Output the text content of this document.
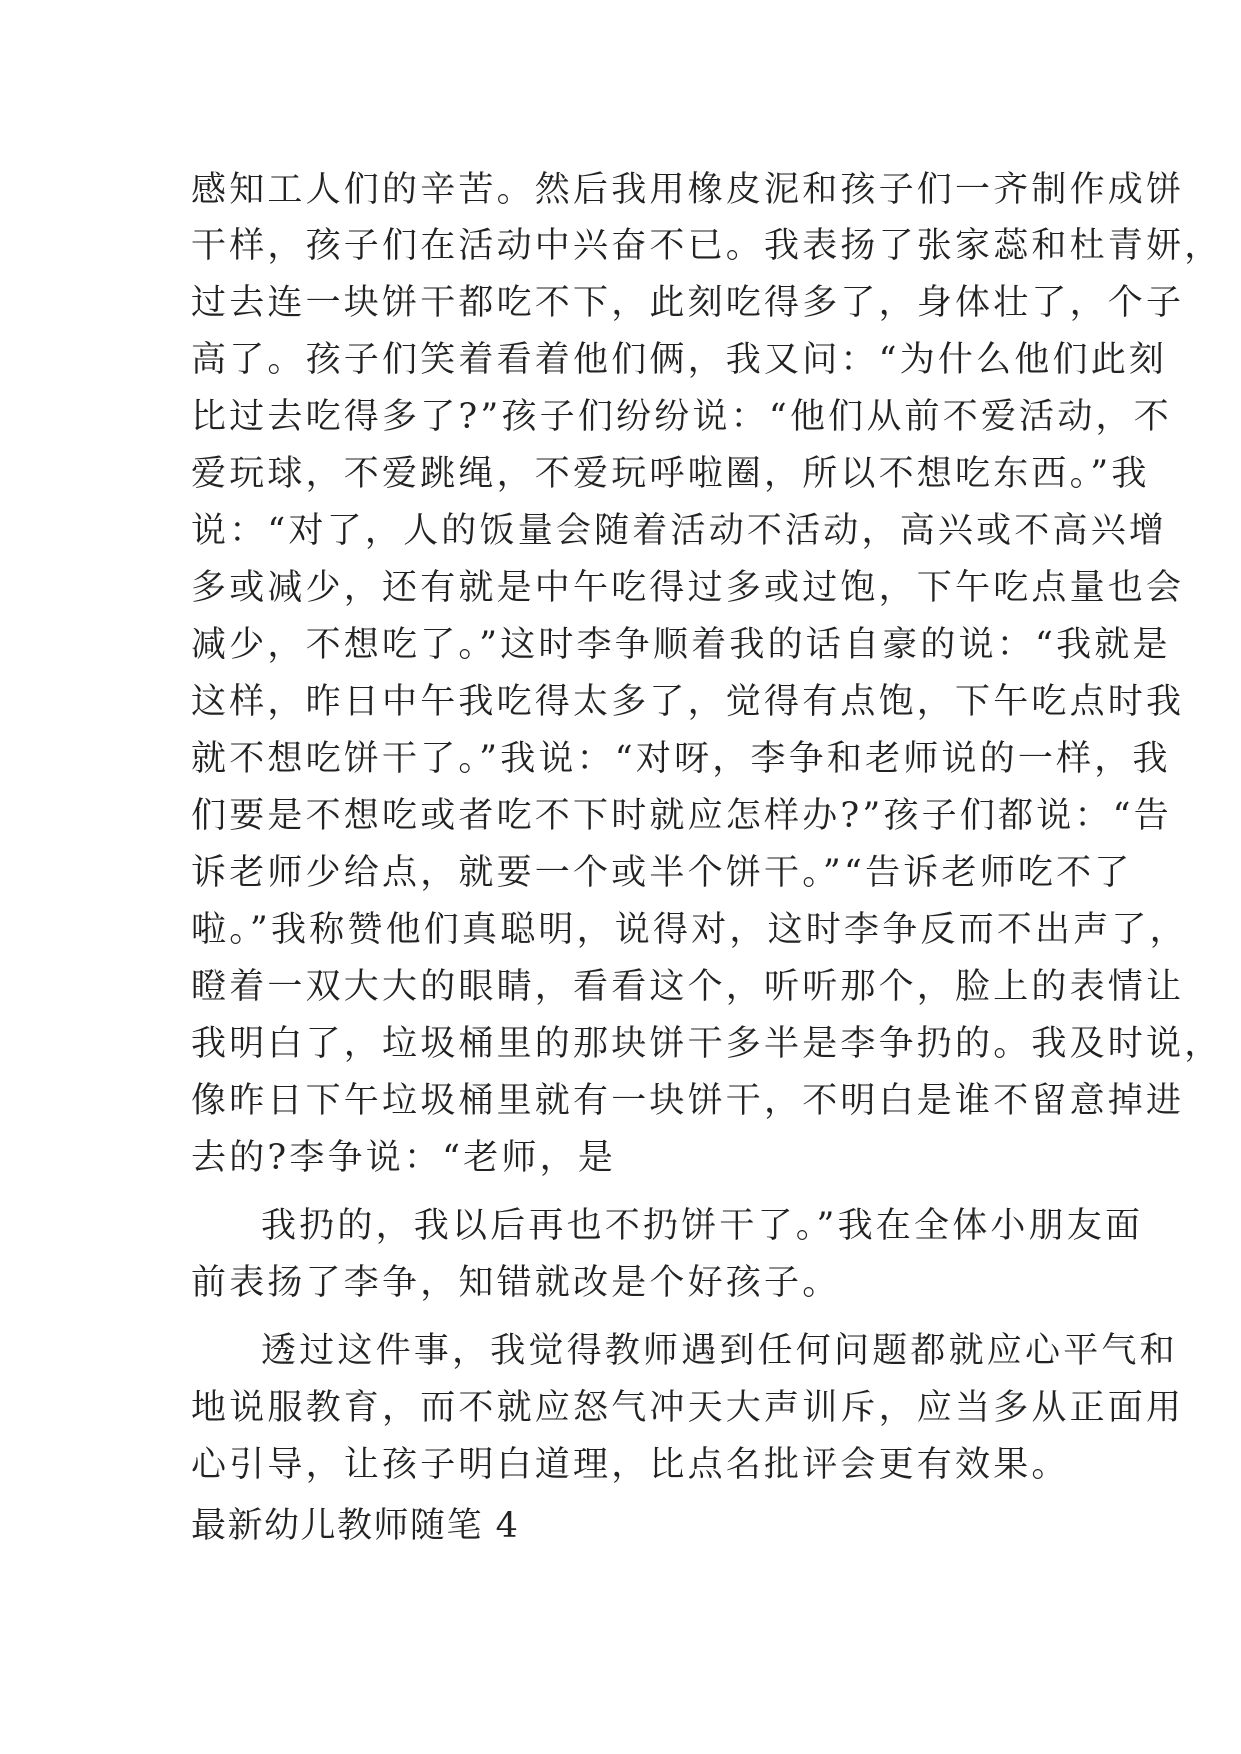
感知工人们的辛苦。然后我用橡皮泥和孩子们一齐制作成饼
干样，孩子们在活动中兴奋不已。我表扬了张家蕊和杜青妍，
过去连一块饼干都吃不下，此刻吃得多了，身体壮了，个子
高了。孩子们笑着看着他们俩，我又问：“为什么他们此刻
比过去吃得多了?”孩子们纷纷说：“他们从前不爱活动，不
爱玩球，不爱跳绳，不爱玩呼啦圈，所以不想吃东西。”我
说：“对了，人的饭量会随着活动不活动，高兴或不高兴增
多或减少，还有就是中午吃得过多或过饱，下午吃点量也会
减少，不想吃了。”这时李争顺着我的话自豪的说：“我就是
这样，昨日中午我吃得太多了，觉得有点饱，下午吃点时我
就不想吃饼干了。”我说：“对呀，李争和老师说的一样，我
们要是不想吃或者吃不下时就应怎样办?”孩子们都说：“告
诉老师少给点，就要一个或半个饼干。”“告诉老师吃不了
啦。”我称赞他们真聪明，说得对，这时李争反而不出声了，
瞪着一双大大的眼睛，看看这个，听听那个，脸上的表情让
我明白了，垃圾桶里的那块饼干多半是李争扔的。我及时说，
像昨日下午垃圾桶里就有一块饼干，不明白是谁不留意掉进
去的?李争说：“老师，是
我扔的，我以后再也不扔饼干了。”我在全体小朋友面
前表扬了李争，知错就改是个好孩子。
透过这件事，我觉得教师遇到任何问题都就应心平气和
地说服教育，而不就应怒气冲天大声训斥，应当多从正面用
心引导，让孩子明白道理，比点名批评会更有效果。
最新幼儿教师随笔 4
